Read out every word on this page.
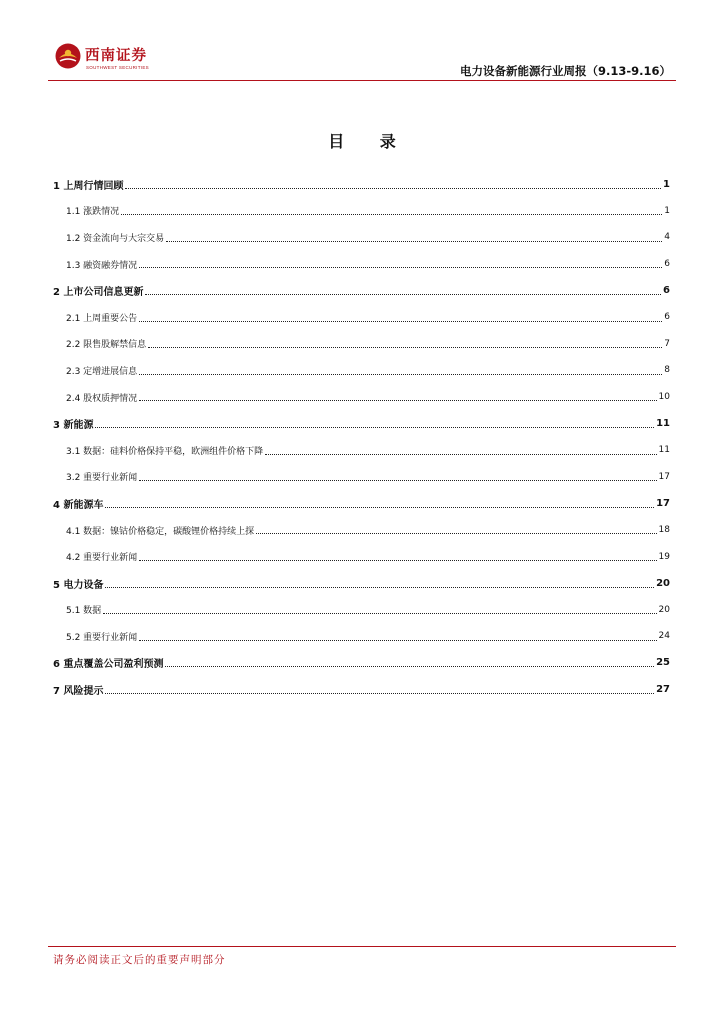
西南证券
SOUTHWEST SECURITIES	电力设备新能源行业周报（9.13-9.16）
目 录
1 上周行情回顾	1
1.1 涨跌情况	1
1.2 资金流向与大宗交易	4
1.3 融资融券情况	6
2 上市公司信息更新	6
2.1 上周重要公告	6
2.2 限售股解禁信息	7
2.3 定增进展信息	8
2.4 股权质押情况	10
3 新能源	11
3.1 数据：硅料价格保持平稳，欧洲组件价格下降	11
3.2 重要行业新闻	17
4 新能源车	17
4.1 数据：镍钴价格稳定，碳酸锂价格持续上探	18
4.2 重要行业新闻	19
5 电力设备	20
5.1 数据	20
5.2 重要行业新闻	24
6 重点覆盖公司盈利预测	25
7 风险提示	27
请务必阅读正文后的重要声明部分
